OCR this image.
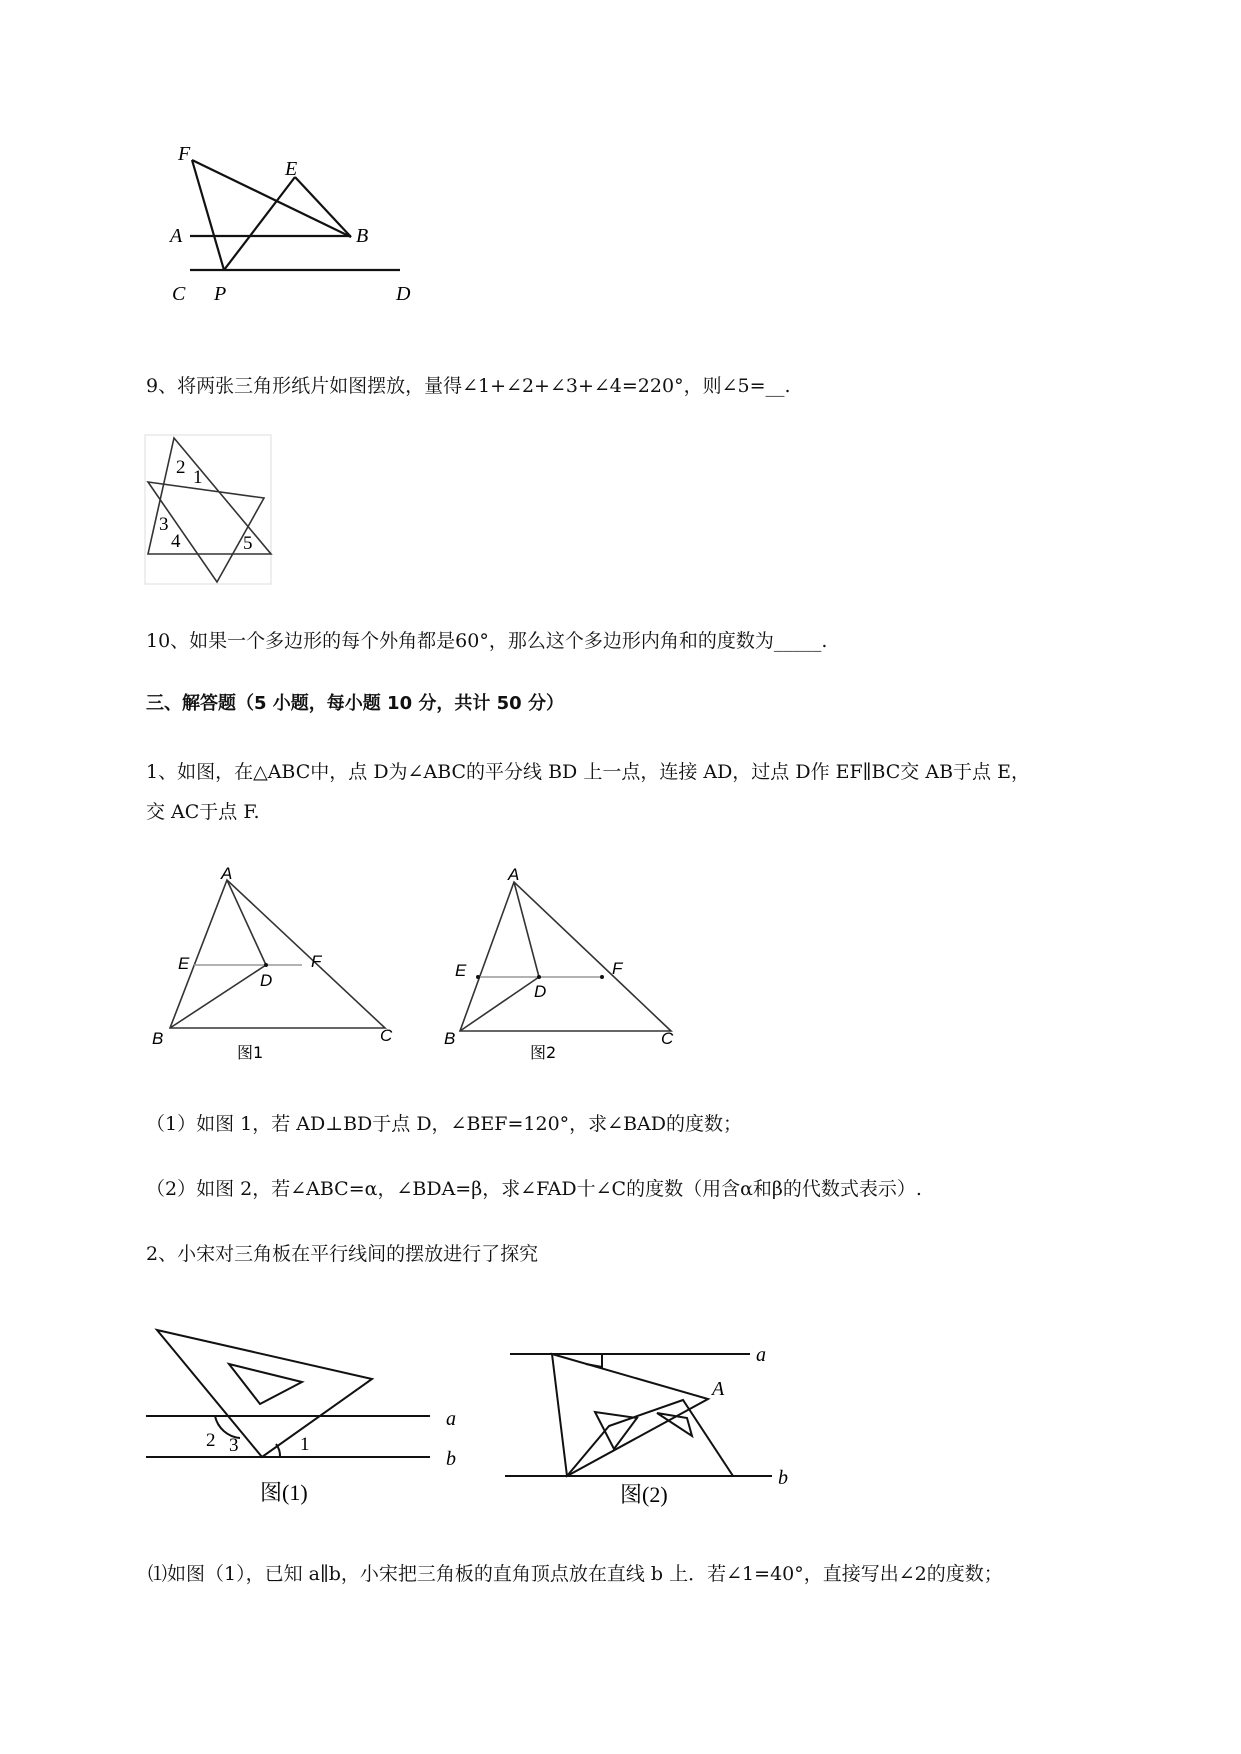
F
E
A	B
C P	D
9、将两张三角形纸片如图摆放，量得∠1+∠2+∠3+∠4=220°，则∠5=__.
2 1
3
4	5
10、如果一个多边形的每个外角都是60°，那么这个多边形内角和的度数为_____.
三、解答题（5 小题，每小题 10 分，共计 50 分）
1、如图，在△ABC中，点 D为∠ABC的平分线 BD 上一点，连接 AD，过点 D作 EF∥BC交 AB于点 E，
交 AC于点 F.
A
E	F
D
B	C
图1
A
E	F
D
B	C
图2
（1）如图 1，若 AD⊥BD于点 D，∠BEF=120°，求∠BAD的度数；
（2）如图 2，若∠ABC=α，∠BDA=β，求∠FAD十∠C的度数（用含α和β的代数式表示）.
2、小宋对三角板在平行线间的摆放进行了探究
a
b
2 3	1
图(1)
a
A
b
图(2)
⑴如图（1），已知 a∥b，小宋把三角板的直角顶点放在直线 b 上．若∠1=40°，直接写出∠2的度数；
